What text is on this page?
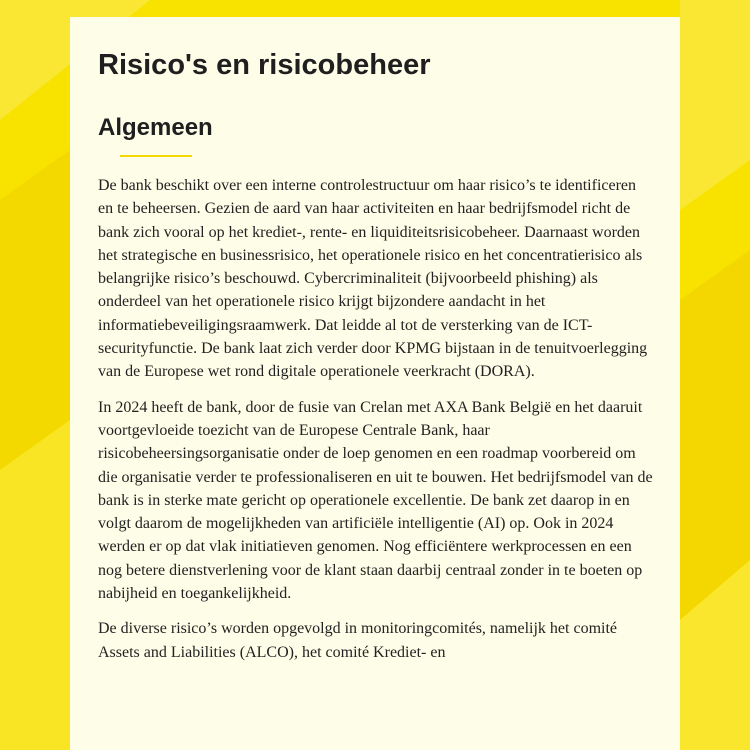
Risico's en risicobeheer
Algemeen

De bank beschikt over een interne controlestructuur om haar risico’s te identificeren en te beheersen. Gezien de aard van haar activiteiten en haar bedrijfsmodel richt de bank zich vooral op het krediet-, rente- en liquiditeitsrisicobeheer. Daarnaast worden het strategische en businessrisico, het operationele risico en het concentratierisico als belangrijke risico’s beschouwd. Cybercriminaliteit (bijvoorbeeld phishing) als onderdeel van het operationele risico krijgt bijzondere aandacht in het informatiebeveiligingsraamwerk. Dat leidde al tot de versterking van de ICT-securityfunctie. De bank laat zich verder door KPMG bijstaan in de tenuitvoerlegging van de Europese wet rond digitale operationele veerkracht (DORA).

In 2024 heeft de bank, door de fusie van Crelan met AXA Bank België en het daaruit voortgevloeide toezicht van de Europese Centrale Bank, haar risicobeheersingsorganisatie onder de loep genomen en een roadmap voorbereid om die organisatie verder te professionaliseren en uit te bouwen. Het bedrijfsmodel van de bank is in sterke mate gericht op operationele excellentie. De bank zet daarop in en volgt daarom de mogelijkheden van artificiële intelligentie (AI) op. Ook in 2024 werden er op dat vlak initiatieven genomen. Nog efficiëntere werkprocessen en een nog betere dienstverlening voor de klant staan daarbij centraal zonder in te boeten op nabijheid en toegankelijkheid.

De diverse risico’s worden opgevolgd in monitoringcomités, namelijk het comité Assets and Liabilities (ALCO), het comité Krediet- en
